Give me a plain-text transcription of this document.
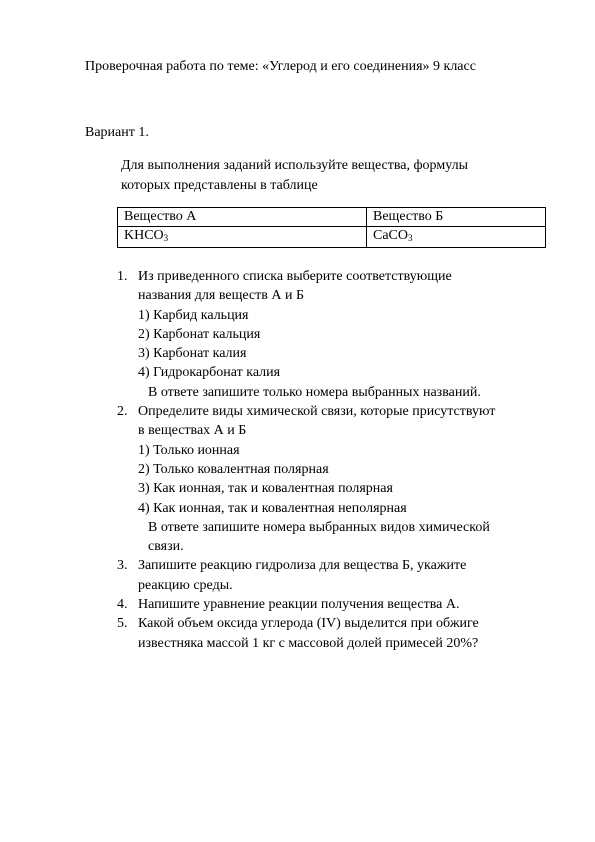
Проверочная работа по теме: «Углерод и его соединения» 9 класс
Вариант 1.
Для выполнения заданий используйте вещества, формулы
которых представлены в таблице
Вещество А	Вещество Б
$KHCO_3$	CaCO$_3$
1. Из приведенного списка выберите соответствующие
названия для веществ А и Б
1) Карбид кальция
2) Карбонат кальция
3) Карбонат калия
4) Гидрокарбонат калия
В ответе запишите только номера выбранных названий.
2. Определите виды химической связи, которые присутствуют
в веществах А и Б
1) Только ионная
2) Только ковалентная полярная
3) Как ионная, так и ковалентная полярная
4) Как ионная, так и ковалентная неполярная
В ответе запишите номера выбранных видов химической
связи.
3. Запишите реакцию гидролиза для вещества Б, укажите
реакцию среды.
4. Напишите уравнение реакции получения вещества А.
5. Какой объем оксида углерода (IV) выделится при обжиге
известняка массой 1 кг с массовой долей примесей 20%?
